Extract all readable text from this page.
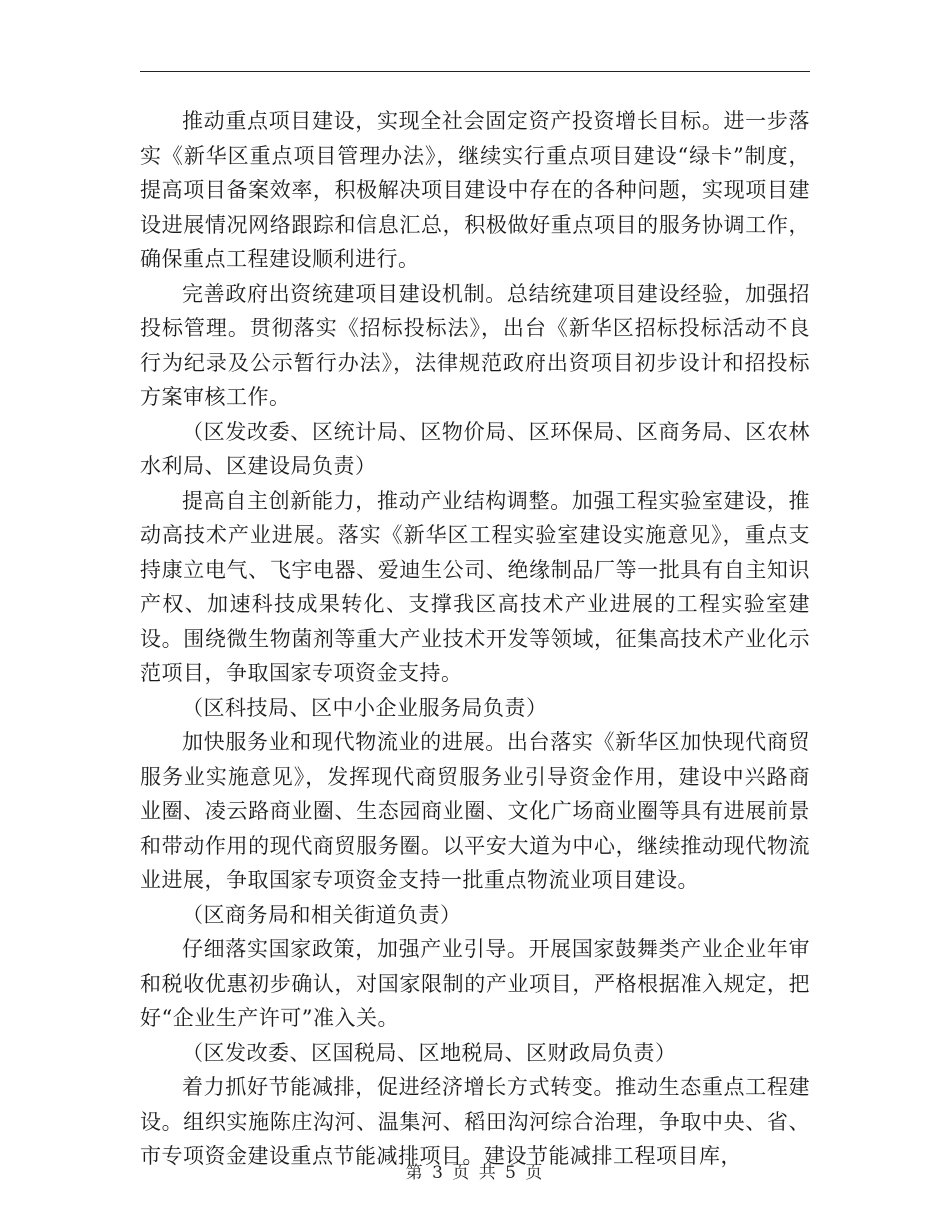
推动重点项目建设，实现全社会固定资产投资增长目标。进一步落实《新华区重点项目管理办法》，继续实行重点项目建设“绿卡”制度，提高项目备案效率，积极解决项目建设中存在的各种问题，实现项目建设进展情况网络跟踪和信息汇总，积极做好重点项目的服务协调工作，确保重点工程建设顺利进行。

完善政府出资统建项目建设机制。总结统建项目建设经验，加强招投标管理。贯彻落实《招标投标法》，出台《新华区招标投标活动不良行为纪录及公示暂行办法》，法律规范政府出资项目初步设计和招投标方案审核工作。

（区发改委、区统计局、区物价局、区环保局、区商务局、区农林水利局、区建设局负责）

提高自主创新能力，推动产业结构调整。加强工程实验室建设，推动高技术产业进展。落实《新华区工程实验室建设实施意见》，重点支持康立电气、飞宇电器、爱迪生公司、绝缘制品厂等一批具有自主知识产权、加速科技成果转化、支撑我区高技术产业进展的工程实验室建设。围绕微生物菌剂等重大产业技术开发等领域，征集高技术产业化示范项目，争取国家专项资金支持。

（区科技局、区中小企业服务局负责）

加快服务业和现代物流业的进展。出台落实《新华区加快现代商贸服务业实施意见》，发挥现代商贸服务业引导资金作用，建设中兴路商业圈、凌云路商业圈、生态园商业圈、文化广场商业圈等具有进展前景和带动作用的现代商贸服务圈。以平安大道为中心，继续推动现代物流业进展，争取国家专项资金支持一批重点物流业项目建设。

（区商务局和相关街道负责）

仔细落实国家政策，加强产业引导。开展国家鼓舞类产业企业年审和税收优惠初步确认，对国家限制的产业项目，严格根据准入规定，把好“企业生产许可”准入关。

（区发改委、区国税局、区地税局、区财政局负责）

着力抓好节能减排，促进经济增长方式转变。推动生态重点工程建设。组织实施陈庄沟河、温集河、稻田沟河综合治理，争取中央、省、市专项资金建设重点节能减排项目。建设节能减排工程项目库，

第 3 页 共 5 页
